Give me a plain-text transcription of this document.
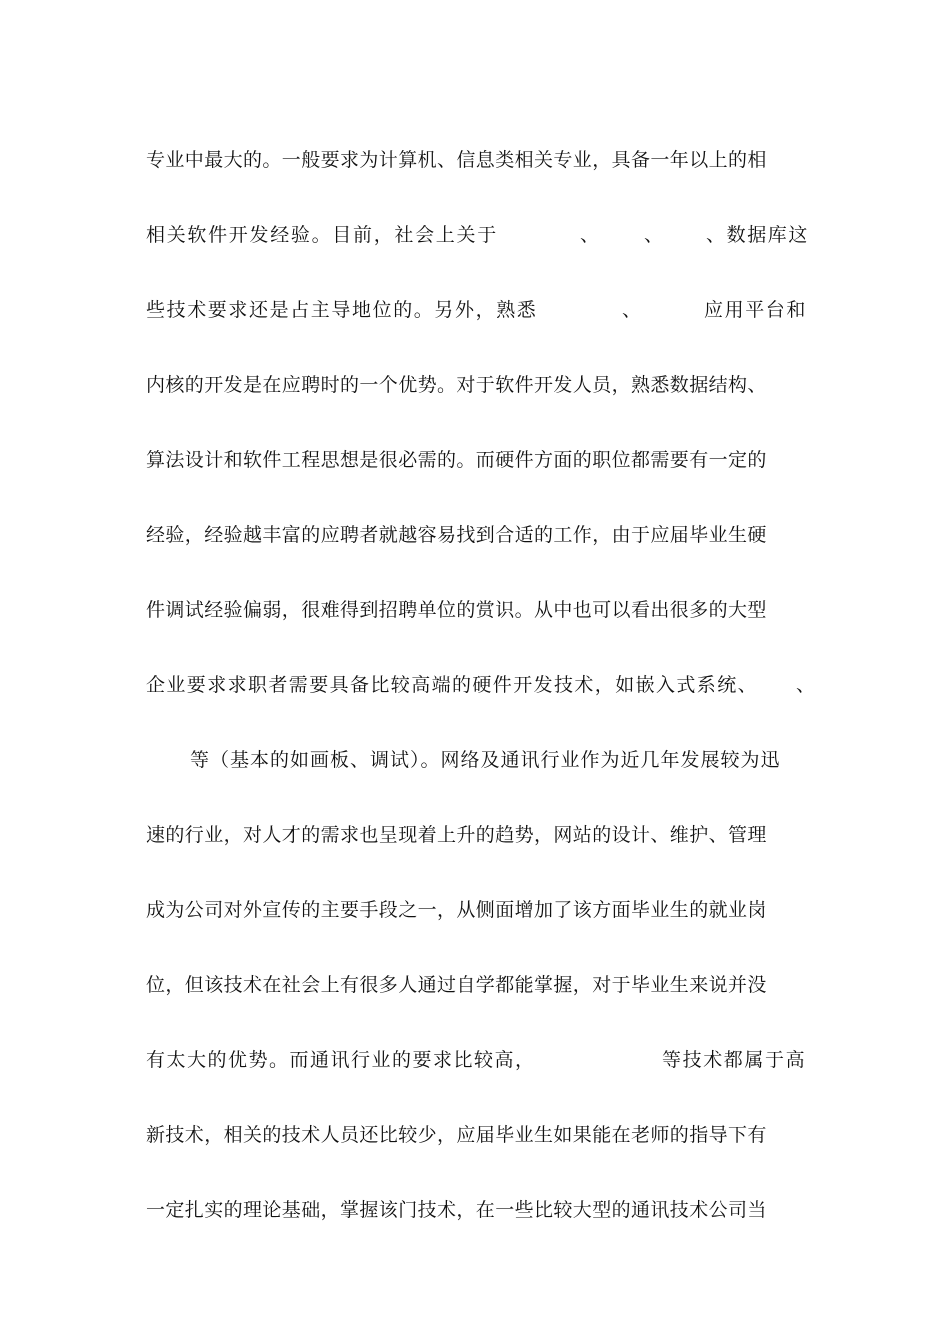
专业中最大的。一般要求为计算机、信息类相关专业，具备一年以上的相
相关软件开发经验。目前，社会上关于	、 、 、数据库这
些技术要求还是占主导地位的。另外，熟悉	、	应用平台和
内核的开发是在应聘时的一个优势。对于软件开发人员，熟悉数据结构、
算法设计和软件工程思想是很必需的。而硬件方面的职位都需要有一定的
经验，经验越丰富的应聘者就越容易找到合适的工作，由于应届毕业生硬
件调试经验偏弱，很难得到招聘单位的赏识。从中也可以看出很多的大型
企业要求求职者需要具备比较高端的硬件开发技术，如嵌入式系统、 、
等（基本的如画板、调试）。网络及通讯行业作为近几年发展较为迅
速的行业，对人才的需求也呈现着上升的趋势，网站的设计、维护、管理
成为公司对外宣传的主要手段之一，从侧面增加了该方面毕业生的就业岗
位，但该技术在社会上有很多人通过自学都能掌握，对于毕业生来说并没
有太大的优势。而通讯行业的要求比较高，	等技术都属于高
新技术，相关的技术人员还比较少，应届毕业生如果能在老师的指导下有
一定扎实的理论基础，掌握该门技术，在一些比较大型的通讯技术公司当
